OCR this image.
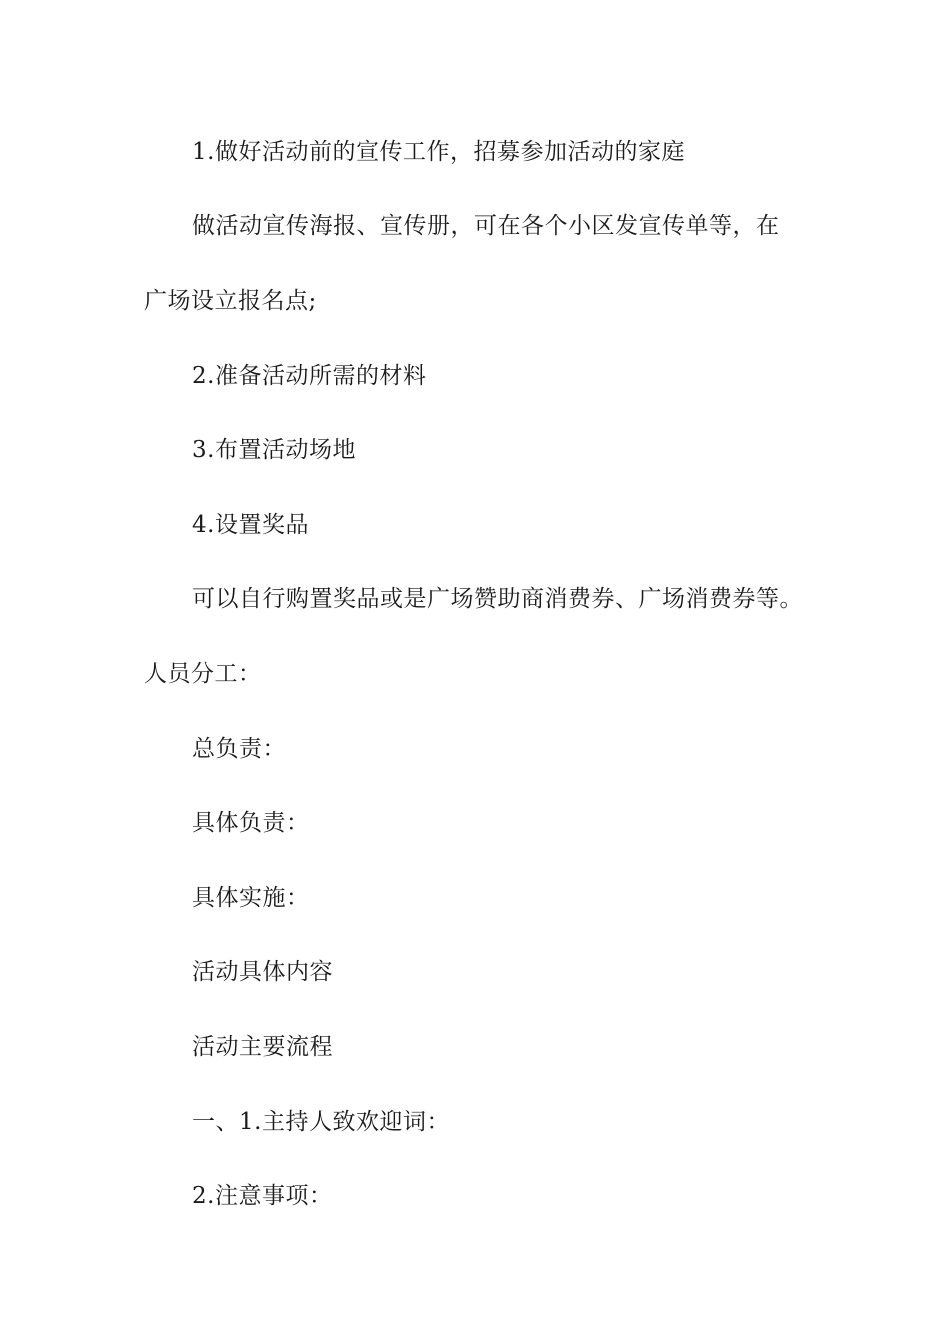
1.做好活动前的宣传工作，招募参加活动的家庭
做活动宣传海报、宣传册，可在各个小区发宣传单等，在
广场设立报名点;
2.准备活动所需的材料
3.布置活动场地
4.设置奖品
可以自行购置奖品或是广场赞助商消费券、广场消费券等。
人员分工：
总负责：
具体负责：
具体实施：
活动具体内容
活动主要流程
一、1.主持人致欢迎词：
2.注意事项：
